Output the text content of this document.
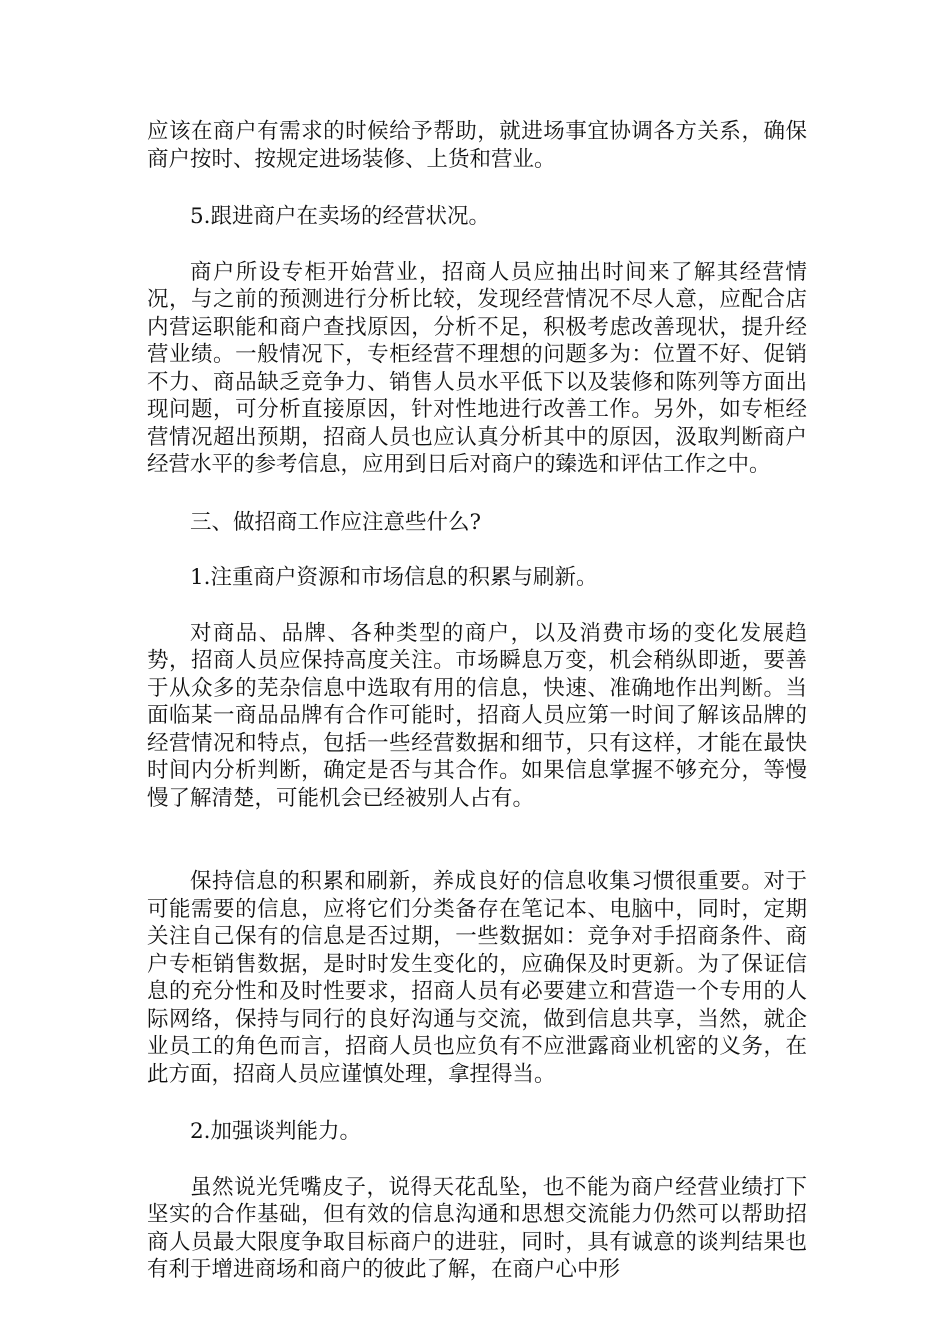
应该在商户有需求的时候给予帮助，就进场事宜协调各方关系，确保商户按时、按规定进场装修、上货和营业。

5.跟进商户在卖场的经营状况。

商户所设专柜开始营业，招商人员应抽出时间来了解其经营情况，与之前的预测进行分析比较，发现经营情况不尽人意，应配合店内营运职能和商户查找原因，分析不足，积极考虑改善现状，提升经营业绩。一般情况下，专柜经营不理想的问题多为：位置不好、促销不力、商品缺乏竞争力、销售人员水平低下以及装修和陈列等方面出现问题，可分析直接原因，针对性地进行改善工作。另外，如专柜经营情况超出预期，招商人员也应认真分析其中的原因，汲取判断商户经营水平的参考信息，应用到日后对商户的臻选和评估工作之中。

三、做招商工作应注意些什么?

1.注重商户资源和市场信息的积累与刷新。

对商品、品牌、各种类型的商户，以及消费市场的变化发展趋势，招商人员应保持高度关注。市场瞬息万变，机会稍纵即逝，要善于从众多的芜杂信息中选取有用的信息，快速、准确地作出判断。当面临某一商品品牌有合作可能时，招商人员应第一时间了解该品牌的经营情况和特点，包括一些经营数据和细节，只有这样，才能在最快时间内分析判断，确定是否与其合作。如果信息掌握不够充分，等慢慢了解清楚，可能机会已经被别人占有。

保持信息的积累和刷新，养成良好的信息收集习惯很重要。对于可能需要的信息，应将它们分类备存在笔记本、电脑中，同时，定期关注自己保有的信息是否过期，一些数据如：竞争对手招商条件、商户专柜销售数据，是时时发生变化的，应确保及时更新。为了保证信息的充分性和及时性要求，招商人员有必要建立和营造一个专用的人际网络，保持与同行的良好沟通与交流，做到信息共享，当然，就企业员工的角色而言，招商人员也应负有不应泄露商业机密的义务，在此方面，招商人员应谨慎处理，拿捏得当。

2.加强谈判能力。

虽然说光凭嘴皮子，说得天花乱坠，也不能为商户经营业绩打下坚实的合作基础，但有效的信息沟通和思想交流能力仍然可以帮助招商人员最大限度争取目标商户的进驻，同时，具有诚意的谈判结果也有利于增进商场和商户的彼此了解，在商户心中形
